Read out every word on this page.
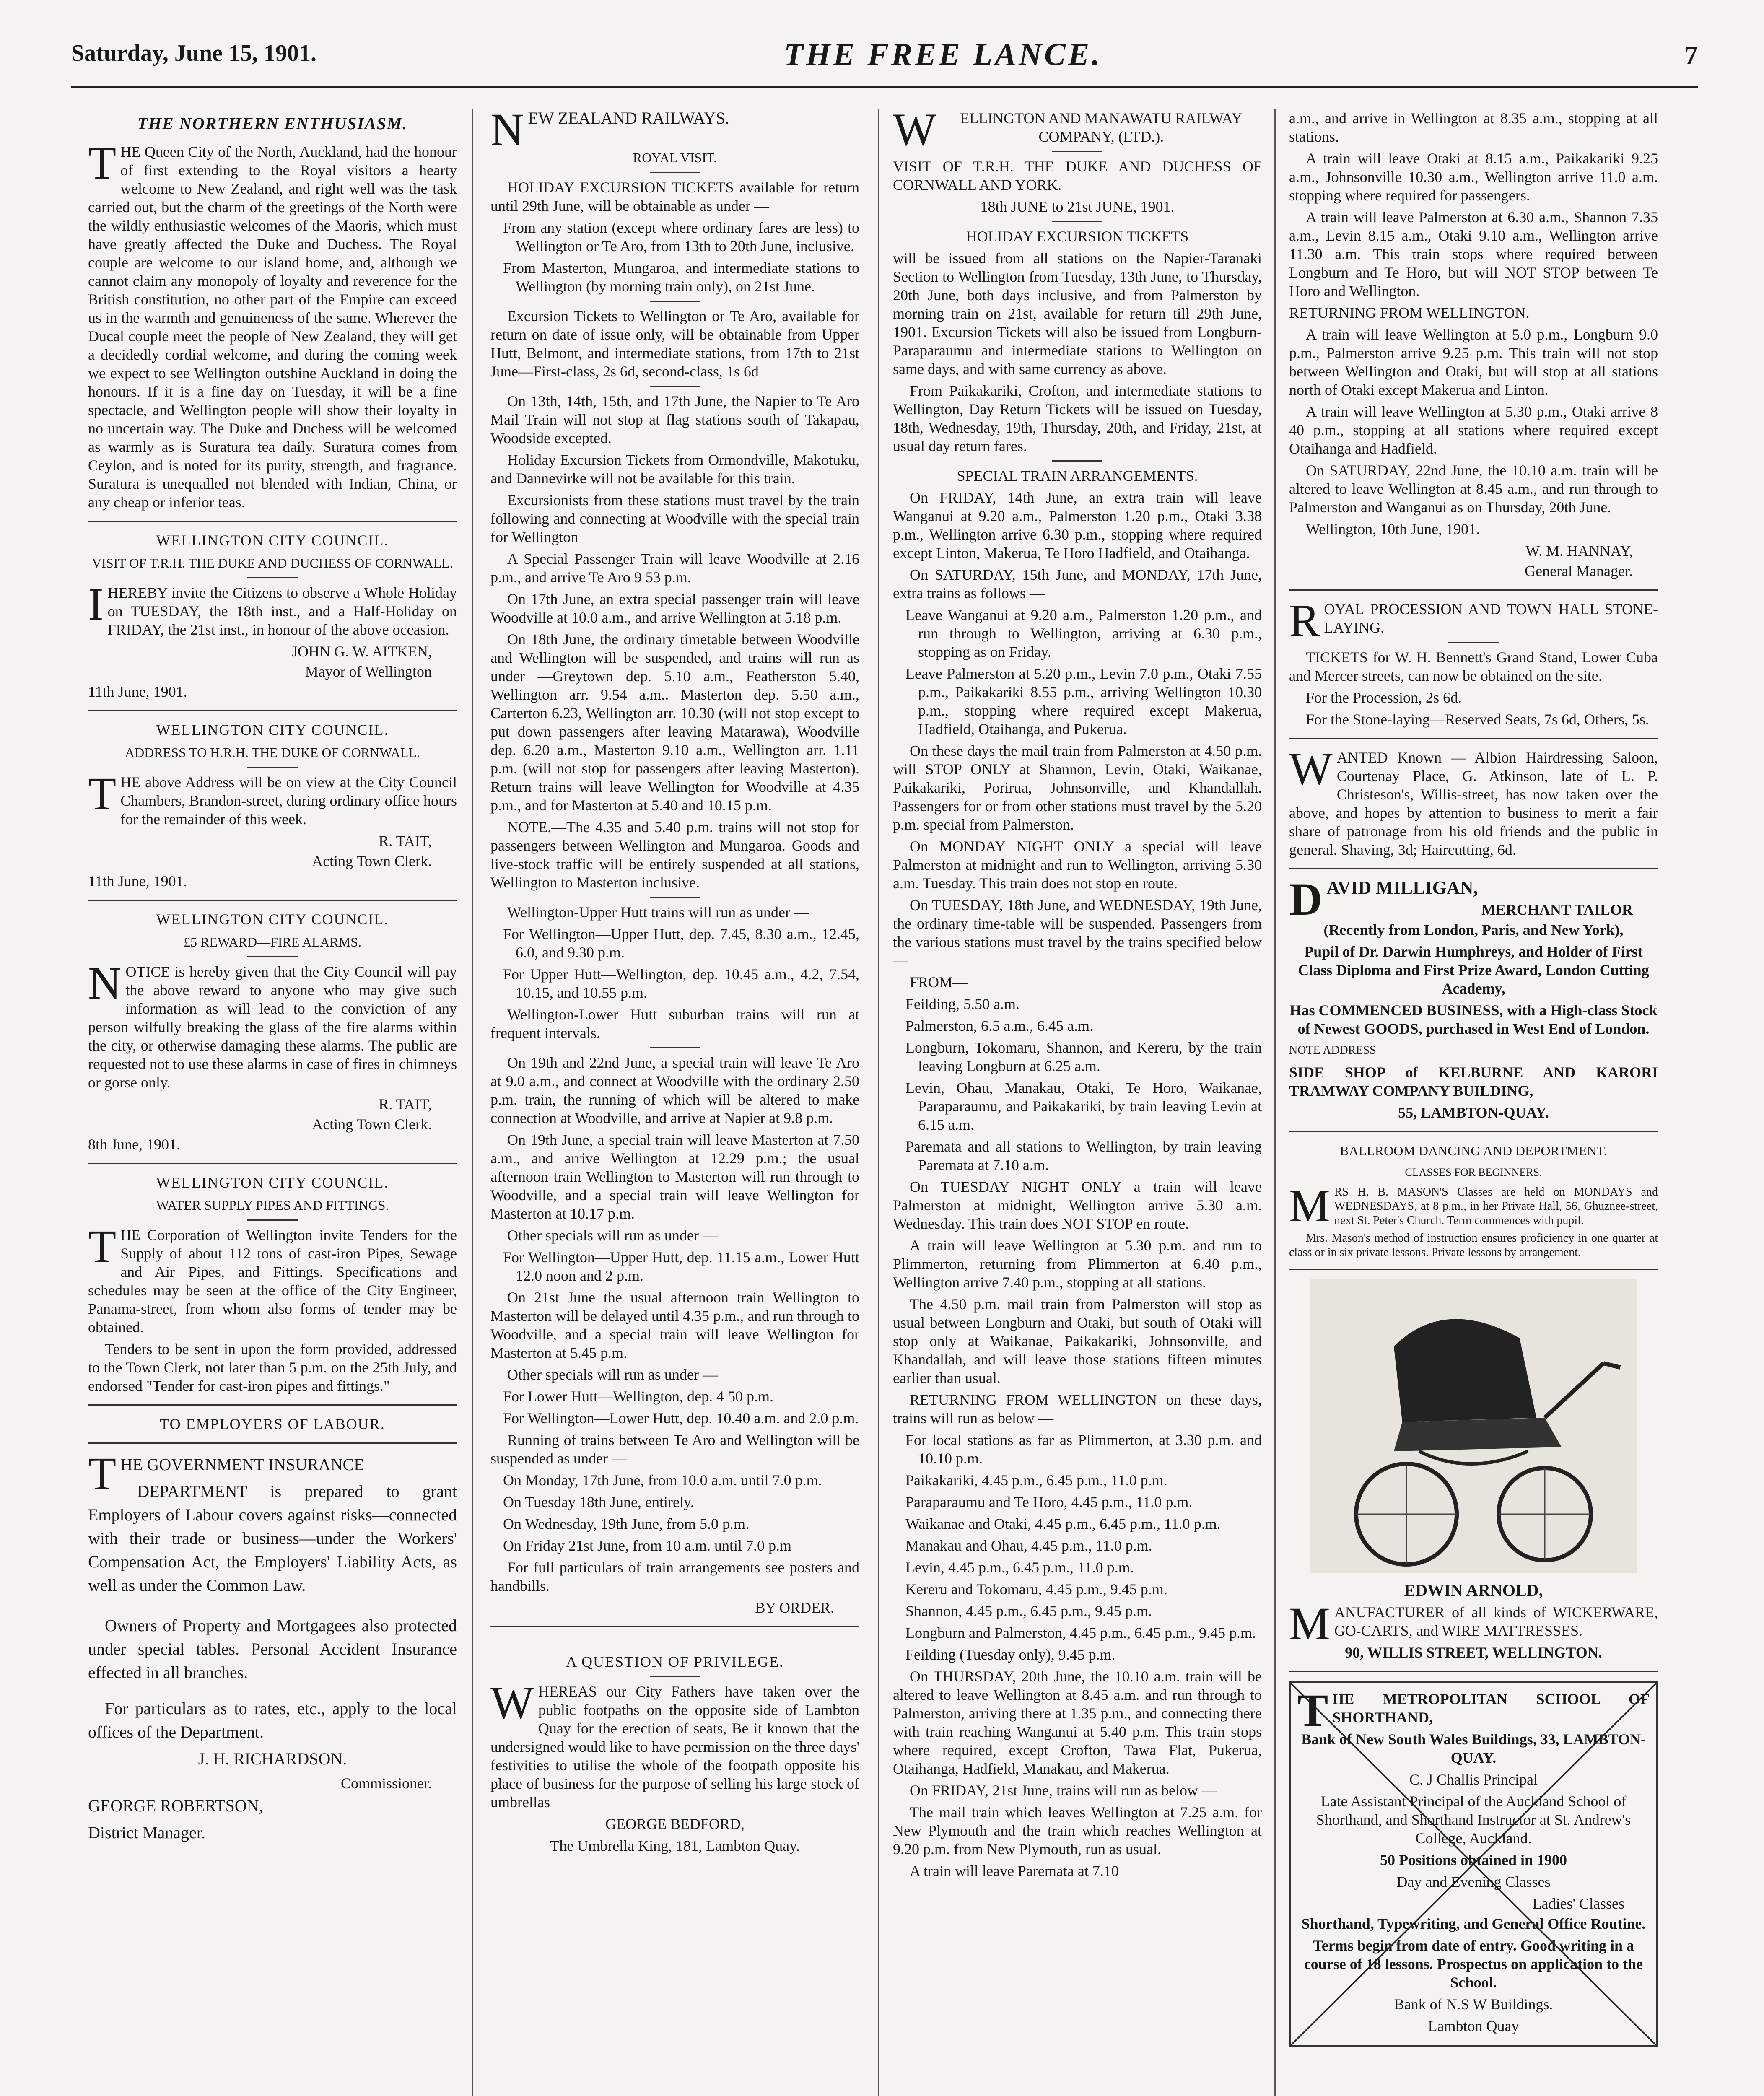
Saturday, June 15, 1901.	THE FREE LANCE.	7
THE NORTHERN ENTHUSIASM.

THE Queen City of the North, Auckland, had the honour of first extending to the Royal visitors a hearty welcome to New Zealand, and right well was the task carried out, but the charm of the greetings of the North were the wildly enthusiastic welcomes of the Maoris, which must have greatly affected the Duke and Duchess. The Royal couple are welcome to our island home, and, although we cannot claim any monopoly of loyalty and reverence for the British constitution, no other part of the Empire can exceed us in the warmth and genuineness of the same. Wherever the Ducal couple meet the people of New Zealand, they will get a decidedly cordial welcome, and during the coming week we expect to see Wellington outshine Auckland in doing the honours. If it is a fine day on Tuesday, it will be a fine spectacle, and Wellington people will show their loyalty in no uncertain way. The Duke and Duchess will be welcomed as warmly as is Suratura tea daily. Suratura comes from Ceylon, and is noted for its purity, strength, and fragrance. Suratura is unequalled not blended with Indian, China, or any cheap or inferior teas.

WELLINGTON CITY COUNCIL.
VISIT OF T.R.H. THE DUKE AND DUCHESS OF CORNWALL.

IHEREBY invite the Citizens to observe a Whole Holiday on TUESDAY, the 18th inst., and a Half-Holiday on FRIDAY, the 21st inst., in honour of the above occasion.

JOHN G. W. AITKEN,

Mayor of Wellington

11th June, 1901.

WELLINGTON CITY COUNCIL.
ADDRESS TO H.R.H. THE DUKE OF CORNWALL.

THE above Address will be on view at the City Council Chambers, Brandon-street, during ordinary office hours for the remainder of this week.

R. TAIT,

Acting Town Clerk.

11th June, 1901.

WELLINGTON CITY COUNCIL.
£5 REWARD—FIRE ALARMS.

NOTICE is hereby given that the City Council will pay the above reward to anyone who may give such information as will lead to the conviction of any person wilfully breaking the glass of the fire alarms within the city, or otherwise damaging these alarms. The public are requested not to use these alarms in case of fires in chimneys or gorse only.

R. TAIT,

Acting Town Clerk.

8th June, 1901.

WELLINGTON CITY COUNCIL.
WATER SUPPLY PIPES AND FITTINGS.

THE Corporation of Wellington invite Tenders for the Supply of about 112 tons of cast-iron Pipes, Sewage and Air Pipes, and Fittings. Specifications and schedules may be seen at the office of the City Engineer, Panama-street, from whom also forms of tender may be obtained.

Tenders to be sent in upon the form provided, addressed to the Town Clerk, not later than 5 p.m. on the 25th July, and endorsed "Tender for cast-iron pipes and fittings."

TO EMPLOYERS OF LABOUR.

THE GOVERNMENT INSURANCE

DEPARTMENT is prepared to grant Employers of Labour covers against risks—connected with their trade or business—under the Workers' Compensation Act, the Employers' Liability Acts, as well as under the Common Law.

Owners of Property and Mortgagees also protected under special tables. Personal Accident Insurance effected in all branches.

For particulars as to rates, etc., apply to the local offices of the Department.

J. H. RICHARDSON.

Commissioner.

GEORGE ROBERTSON,

District Manager.

NEW ZEALAND RAILWAYS.

ROYAL VISIT.

HOLIDAY EXCURSION TICKETS available for return until 29th June, will be obtainable as under —

From any station (except where ordinary fares are less) to Wellington or Te Aro, from 13th to 20th June, inclusive.

From Masterton, Mungaroa, and intermediate stations to Wellington (by morning train only), on 21st June.

Excursion Tickets to Wellington or Te Aro, available for return on date of issue only, will be obtainable from Upper Hutt, Belmont, and intermediate stations, from 17th to 21st June—First-class, 2s 6d, second-class, 1s 6d

On 13th, 14th, 15th, and 17th June, the Napier to Te Aro Mail Train will not stop at flag stations south of Takapau, Woodside excepted.

Holiday Excursion Tickets from Ormondville, Makotuku, and Dannevirke will not be available for this train.

Excursionists from these stations must travel by the train following and connecting at Woodville with the special train for Wellington

A Special Passenger Train will leave Woodville at 2.16 p.m., and arrive Te Aro 9 53 p.m.

On 17th June, an extra special passenger train will leave Woodville at 10.0 a.m., and arrive Wellington at 5.18 p.m.

On 18th June, the ordinary timetable between Woodville and Wellington will be suspended, and trains will run as under —Greytown dep. 5.10 a.m., Featherston 5.40, Wellington arr. 9.54 a.m.. Masterton dep. 5.50 a.m., Carterton 6.23, Wellington arr. 10.30 (will not stop except to put down passengers after leaving Matarawa), Woodville dep. 6.20 a.m., Masterton 9.10 a.m., Wellington arr. 1.11 p.m. (will not stop for passengers after leaving Masterton). Return trains will leave Wellington for Woodville at 4.35 p.m., and for Masterton at 5.40 and 10.15 p.m.

NOTE.—The 4.35 and 5.40 p.m. trains will not stop for passengers between Wellington and Mungaroa. Goods and live-stock traffic will be entirely suspended at all stations, Wellington to Masterton inclusive.

Wellington-Upper Hutt trains will run as under —

For Wellington—Upper Hutt, dep. 7.45, 8.30 a.m., 12.45, 6.0, and 9.30 p.m.

For Upper Hutt—Wellington, dep. 10.45 a.m., 4.2, 7.54, 10.15, and 10.55 p.m.

Wellington-Lower Hutt suburban trains will run at frequent intervals.

On 19th and 22nd June, a special train will leave Te Aro at 9.0 a.m., and connect at Woodville with the ordinary 2.50 p.m. train, the running of which will be altered to make connection at Woodville, and arrive at Napier at 9.8 p.m.

On 19th June, a special train will leave Masterton at 7.50 a.m., and arrive Wellington at 12.29 p.m.; the usual afternoon train Wellington to Masterton will run through to Woodville, and a special train will leave Wellington for Masterton at 10.17 p.m.

Other specials will run as under —

For Wellington—Upper Hutt, dep. 11.15 a.m., Lower Hutt 12.0 noon and 2 p.m.

On 21st June the usual afternoon train Wellington to Masterton will be delayed until 4.35 p.m., and run through to Woodville, and a special train will leave Wellington for Masterton at 5.45 p.m.

Other specials will run as under —

For Lower Hutt—Wellington, dep. 4 50 p.m.

For Wellington—Lower Hutt, dep. 10.40 a.m. and 2.0 p.m.

Running of trains between Te Aro and Wellington will be suspended as under —

On Monday, 17th June, from 10.0 a.m. until 7.0 p.m.

On Tuesday 18th June, entirely.

On Wednesday, 19th June, from 5.0 p.m.

On Friday 21st June, from 10 a.m. until 7.0 p.m

For full particulars of train arrangements see posters and handbills.

BY ORDER.

A QUESTION OF PRIVILEGE.

WHEREAS our City Fathers have taken over the public footpaths on the opposite side of Lambton Quay for the erection of seats, Be it known that the undersigned would like to have permission on the three days' festivities to utilise the whole of the footpath opposite his place of business for the purpose of selling his large stock of umbrellas

GEORGE BEDFORD,

The Umbrella King, 181, Lambton Quay.

W ELLINGTON AND MANAWATU RAILWAY COMPANY, (LTD.).

VISIT OF T.R.H. THE DUKE AND DUCHESS OF CORNWALL AND YORK.

18th JUNE to 21st JUNE, 1901.

HOLIDAY EXCURSION TICKETS

will be issued from all stations on the Napier-Taranaki Section to Wellington from Tuesday, 13th June, to Thursday, 20th June, both days inclusive, and from Palmerston by morning train on 21st, available for return till 29th June, 1901. Excursion Tickets will also be issued from Longburn-Paraparaumu and intermediate stations to Wellington on same days, and with same currency as above.

From Paikakariki, Crofton, and intermediate stations to Wellington, Day Return Tickets will be issued on Tuesday, 18th, Wednesday, 19th, Thursday, 20th, and Friday, 21st, at usual day return fares.

SPECIAL TRAIN ARRANGEMENTS.

On FRIDAY, 14th June, an extra train will leave Wanganui at 9.20 a.m., Palmerston 1.20 p.m., Otaki 3.38 p.m., Wellington arrive 6.30 p.m., stopping where required except Linton, Makerua, Te Horo Hadfield, and Otaihanga.

On SATURDAY, 15th June, and MONDAY, 17th June, extra trains as follows —

Leave Wanganui at 9.20 a.m., Palmerston 1.20 p.m., and run through to Wellington, arriving at 6.30 p.m., stopping as on Friday.

Leave Palmerston at 5.20 p.m., Levin 7.0 p.m., Otaki 7.55 p.m., Paikakariki 8.55 p.m., arriving Wellington 10.30 p.m., stopping where required except Makerua, Hadfield, Otaihanga, and Pukerua.

On these days the mail train from Palmerston at 4.50 p.m. will STOP ONLY at Shannon, Levin, Otaki, Waikanae, Paikakariki, Porirua, Johnsonville, and Khandallah. Passengers for or from other stations must travel by the 5.20 p.m. special from Palmerston.

On MONDAY NIGHT ONLY a special will leave Palmerston at midnight and run to Wellington, arriving 5.30 a.m. Tuesday. This train does not stop en route.

On TUESDAY, 18th June, and WEDNESDAY, 19th June, the ordinary time-table will be suspended. Passengers from the various stations must travel by the trains specified below —

FROM—

Feilding, 5.50 a.m.

Palmerston, 6.5 a.m., 6.45 a.m.

Longburn, Tokomaru, Shannon, and Kereru, by the train leaving Longburn at 6.25 a.m.

Levin, Ohau, Manakau, Otaki, Te Horo, Waikanae, Paraparaumu, and Paikakariki, by train leaving Levin at 6.15 a.m.

Paremata and all stations to Wellington, by train leaving Paremata at 7.10 a.m.

On TUESDAY NIGHT ONLY a train will leave Palmerston at midnight, Wellington arrive 5.30 a.m. Wednesday. This train does NOT STOP en route.

A train will leave Wellington at 5.30 p.m. and run to Plimmerton, returning from Plimmerton at 6.40 p.m., Wellington arrive 7.40 p.m., stopping at all stations.

The 4.50 p.m. mail train from Palmerston will stop as usual between Longburn and Otaki, but south of Otaki will stop only at Waikanae, Paikakariki, Johnsonville, and Khandallah, and will leave those stations fifteen minutes earlier than usual.

RETURNING FROM WELLINGTON on these days, trains will run as below —

For local stations as far as Plimmerton, at 3.30 p.m. and 10.10 p.m.

Paikakariki, 4.45 p.m., 6.45 p.m., 11.0 p.m.

Paraparaumu and Te Horo, 4.45 p.m., 11.0 p.m.

Waikanae and Otaki, 4.45 p.m., 6.45 p.m., 11.0 p.m.

Manakau and Ohau, 4.45 p.m., 11.0 p.m.

Levin, 4.45 p.m., 6.45 p.m., 11.0 p.m.

Kereru and Tokomaru, 4.45 p.m., 9.45 p.m.

Shannon, 4.45 p.m., 6.45 p.m., 9.45 p.m.

Longburn and Palmerston, 4.45 p.m., 6.45 p.m., 9.45 p.m.

Feilding (Tuesday only), 9.45 p.m.

On THURSDAY, 20th June, the 10.10 a.m. train will be altered to leave Wellington at 8.45 a.m. and run through to Palmerston, arriving there at 1.35 p.m., and connecting there with train reaching Wanganui at 5.40 p.m. This train stops where required, except Crofton, Tawa Flat, Pukerua, Otaihanga, Hadfield, Manakau, and Makerua.

On FRIDAY, 21st June, trains will run as below —

The mail train which leaves Wellington at 7.25 a.m. for New Plymouth and the train which reaches Wellington at 9.20 p.m. from New Plymouth, run as usual.

A train will leave Paremata at 7.10

a.m., and arrive in Wellington at 8.35 a.m., stopping at all stations.

A train will leave Otaki at 8.15 a.m., Paikakariki 9.25 a.m., Johnsonville 10.30 a.m., Wellington arrive 11.0 a.m. stopping where required for passengers.

A train will leave Palmerston at 6.30 a.m., Shannon 7.35 a.m., Levin 8.15 a.m., Otaki 9.10 a.m., Wellington arrive 11.30 a.m. This train stops where required between Longburn and Te Horo, but will NOT STOP between Te Horo and Wellington.

RETURNING FROM WELLINGTON.

A train will leave Wellington at 5.0 p.m., Longburn 9.0 p.m., Palmerston arrive 9.25 p.m. This train will not stop between Wellington and Otaki, but will stop at all stations north of Otaki except Makerua and Linton.

A train will leave Wellington at 5.30 p.m., Otaki arrive 8 40 p.m., stopping at all stations where required except Otaihanga and Hadfield.

On SATURDAY, 22nd June, the 10.10 a.m. train will be altered to leave Wellington at 8.45 a.m., and run through to Palmerston and Wanganui as on Thursday, 20th June.

Wellington, 10th June, 1901.

W. M. HANNAY,

General Manager.

ROYAL PROCESSION AND TOWN HALL STONE-LAYING.

TICKETS for W. H. Bennett's Grand Stand, Lower Cuba and Mercer streets, can now be obtained on the site.

For the Procession, 2s 6d.

For the Stone-laying—Reserved Seats, 7s 6d, Others, 5s.

WANTED Known — Albion Hairdressing Saloon, Courtenay Place, G. Atkinson, late of L. P. Christeson's, Willis-street, has now taken over the above, and hopes by attention to business to merit a fair share of patronage from his old friends and the public in general. Shaving, 3d; Haircutting, 6d.

DAVID MILLIGAN,

MERCHANT TAILOR

(Recently from London, Paris, and New York),

Pupil of Dr. Darwin Humphreys, and Holder of First Class Diploma and First Prize Award, London Cutting Academy,

Has COMMENCED BUSINESS, with a High-class Stock of Newest GOODS, purchased in West End of London.

NOTE ADDRESS—

SIDE SHOP of KELBURNE AND KARORI TRAMWAY COMPANY BUILDING,

55, LAMBTON-QUAY.

BALLROOM DANCING AND DEPORTMENT.
CLASSES FOR BEGINNERS.

MRS H. B. MASON'S Classes are held on MONDAYS and WEDNESDAYS, at 8 p.m., in her Private Hall, 56, Ghuznee-street, next St. Peter's Church. Term commences with pupil.

Mrs. Mason's method of instruction ensures proficiency in one quarter at class or in six private lessons. Private lessons by arrangement.

EDWIN ARNOLD,

MANUFACTURER of all kinds of WICKERWARE, GO-CARTS, and WIRE MATTRESSES.

90, WILLIS STREET, WELLINGTON.

THE METROPOLITAN SCHOOL OF SHORTHAND,

Bank of New South Wales Buildings, 33, LAMBTON-QUAY.

C. J Challis Principal

Late Assistant Principal of the Auckland School of Shorthand, and Shorthand Instructor at St. Andrew's College, Auckland.

50 Positions obtained in 1900

Day and Evening Classes

Ladies' Classes

Shorthand, Typewriting, and General Office Routine.

Terms begin from date of entry. Good writing in a course of 18 lessons. Prospectus on application to the School.

Bank of N.S W Buildings.

Lambton Quay
